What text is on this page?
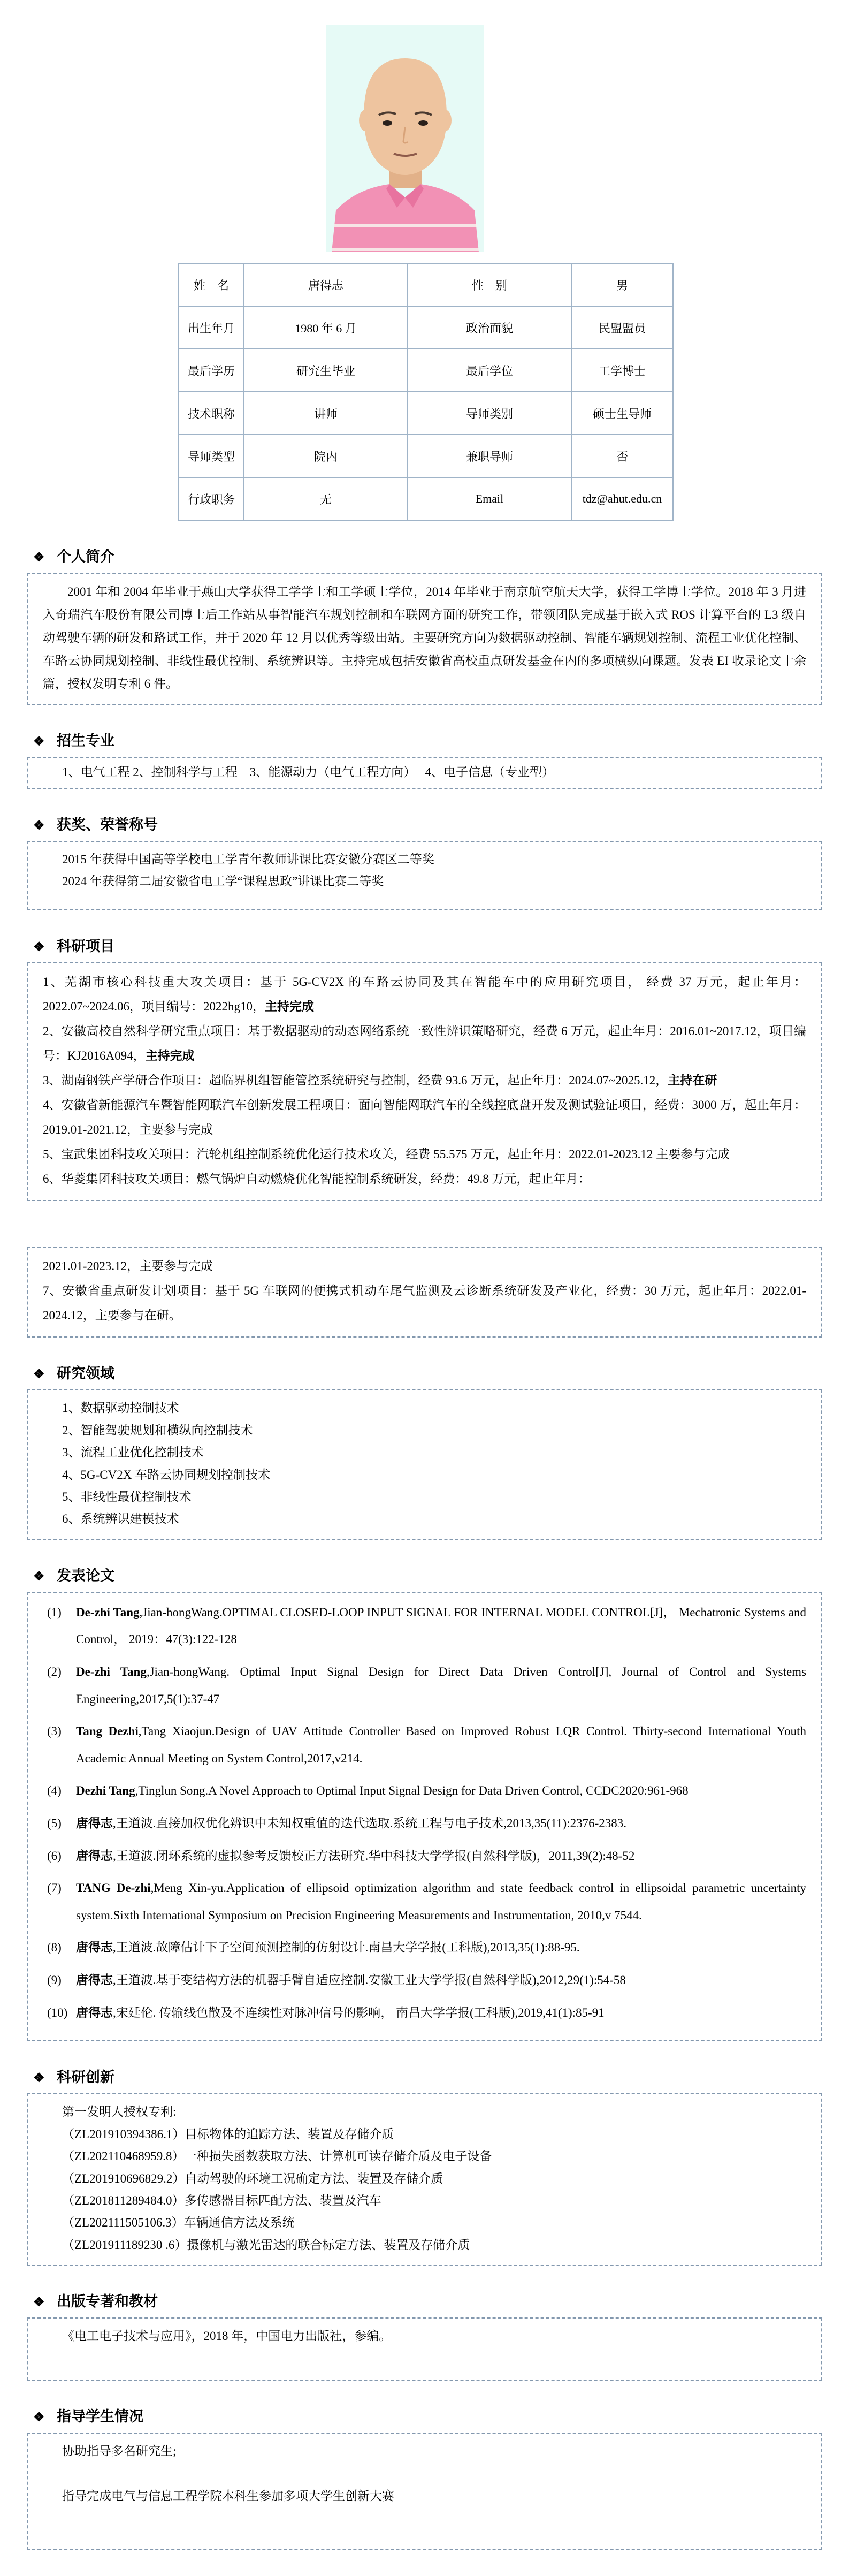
姓　名	唐得志	性　别	男
出生年月	1980 年 6 月	政治面貌	民盟盟员
最后学历	研究生毕业	最后学位	工学博士
技术职称	讲师	导师类别	硕士生导师
导师类型	院内	兼职导师	否
行政职务	无	Email	tdz@ahut.edu.cn
❖ 个人简介
2001 年和 2004 年毕业于燕山大学获得工学学士和工学硕士学位，2014 年毕业于南京航空航天大学，获得工学博士学位。2018 年 3 月进入奇瑞汽车股份有限公司博士后工作站从事智能汽车规划控制和车联网方面的研究工作，带领团队完成基于嵌入式 ROS 计算平台的 L3 级自动驾驶车辆的研发和路试工作，并于 2020 年 12 月以优秀等级出站。主要研究方向为数据驱动控制、智能车辆规划控制、流程工业优化控制、车路云协同规划控制、非线性最优控制、系统辨识等。主持完成包括安徽省高校重点研发基金在内的多项横纵向课题。发表 EI 收录论文十余篇，授权发明专利 6 件。
❖ 招生专业
1、电气工程 2、控制科学与工程　3、能源动力（电气工程方向）　 4、电子信息（专业型）
❖ 获奖、荣誉称号
2015 年获得中国高等学校电工学青年教师讲课比赛安徽分赛区二等奖
2024 年获得第二届安徽省电工学“课程思政”讲课比赛二等奖
❖ 科研项目
1、芜湖市核心科技重大攻关项目：基于 5G-CV2X 的车路云协同及其在智能车中的应用研究项目， 经费 37 万元，起止年月：2022.07~2024.06，项目编号：2022hg10，主持完成
2、安徽高校自然科学研究重点项目：基于数据驱动的动态网络系统一致性辨识策略研究，经费 6 万元，起止年月：2016.01~2017.12，项目编号：KJ2016A094，主持完成
3、湖南钢铁产学研合作项目：超临界机组智能管控系统研究与控制，经费 93.6 万元，起止年月：2024.07~2025.12，主持在研
4、安徽省新能源汽车暨智能网联汽车创新发展工程项目：面向智能网联汽车的全线控底盘开发及测试验证项目，经费：3000 万，起止年月：2019.01-2021.12，主要参与完成
5、宝武集团科技攻关项目：汽轮机组控制系统优化运行技术攻关，经费 55.575 万元，起止年月：2022.01-2023.12 主要参与完成
6、华菱集团科技攻关项目：燃气锅炉自动燃烧优化智能控制系统研发，经费：49.8 万元，起止年月：
2021.01-2023.12，主要参与完成
7、安徽省重点研发计划项目：基于 5G 车联网的便携式机动车尾气监测及云诊断系统研发及产业化，经费：30 万元，起止年月：2022.01-2024.12，主要参与在研。
❖ 研究领域
1、数据驱动控制技术
2、智能驾驶规划和横纵向控制技术
3、流程工业优化控制技术
4、5G-CV2X 车路云协同规划控制技术
5、非线性最优控制技术
6、系统辨识建模技术
❖ 发表论文
(1)	De-zhi Tang,Jian-hongWang.OPTIMAL CLOSED-LOOP INPUT SIGNAL FOR INTERNAL MODEL CONTROL[J]， Mechatronic Systems and Control， 2019：47(3):122-128
(2)	De-zhi Tang,Jian-hongWang. Optimal Input Signal Design for Direct Data Driven Control[J], Journal of Control and Systems Engineering,2017,5(1):37-47
(3)	Tang Dezhi,Tang Xiaojun.Design of UAV Attitude Controller Based on Improved Robust LQR Control. Thirty-second International Youth Academic Annual Meeting on System Control,2017,v214.
(4)	Dezhi Tang,Tinglun Song.A Novel Approach to Optimal Input Signal Design for Data Driven Control, CCDC2020:961-968
(5)	唐得志,王道波.直接加权优化辨识中未知权重值的迭代选取.系统工程与电子技术,2013,35(11):2376-2383.
(6)	唐得志,王道波.闭环系统的虚拟参考反馈校正方法研究.华中科技大学学报(自然科学版)，2011,39(2):48-52
(7)	TANG De-zhi,Meng Xin-yu.Application of ellipsoid optimization algorithm and state feedback control in ellipsoidal parametric uncertainty system.Sixth International Symposium on Precision Engineering Measurements and Instrumentation, 2010,v 7544.
(8)	唐得志,王道波.故障估计下子空间预测控制的仿射设计.南昌大学学报(工科版),2013,35(1):88-95.
(9)	唐得志,王道波.基于变结构方法的机器手臂自适应控制.安徽工业大学学报(自然科学版),2012,29(1):54-58
(10) 唐得志,宋廷伦. 传输线色散及不连续性对脉冲信号的影响， 南昌大学学报(工科版),2019,41(1):85-91
❖ 科研创新
第一发明人授权专利:
（ZL201910394386.1）目标物体的追踪方法、装置及存储介质
（ZL202110468959.8）一种损失函数获取方法、计算机可读存储介质及电子设备
（ZL201910696829.2）自动驾驶的环境工况确定方法、装置及存储介质
（ZL201811289484.0）多传感器目标匹配方法、装置及汽车
（ZL202111505106.3）车辆通信方法及系统
（ZL201911189230 .6）摄像机与激光雷达的联合标定方法、装置及存储介质
❖ 出版专著和教材
《电工电子技术与应用》，2018 年，中国电力出版社，参编。
❖ 指导学生情况
协助指导多名研究生;
指导完成电气与信息工程学院本科生参加多项大学生创新大赛
